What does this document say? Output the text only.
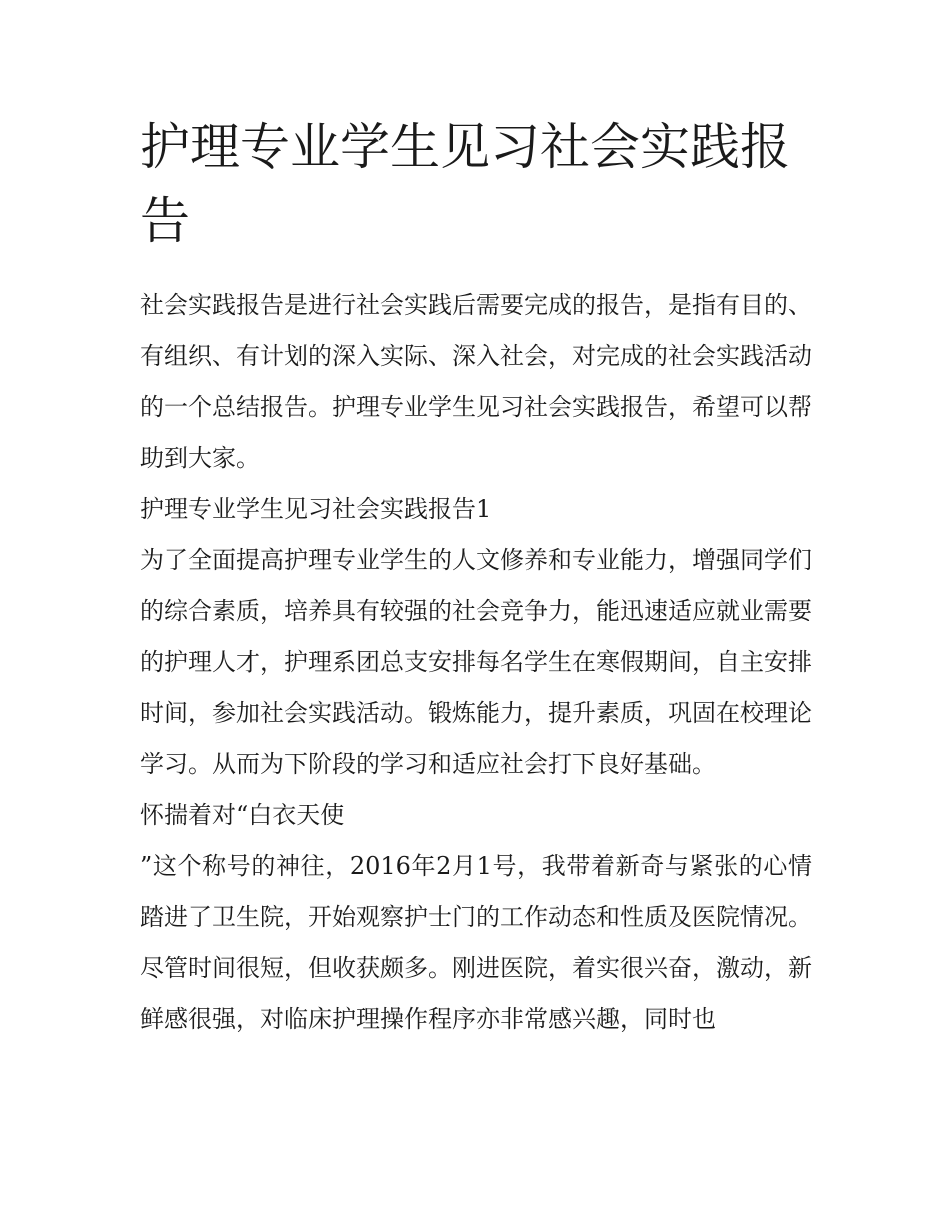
护理专业学生见习社会实践报告

社会实践报告是进行社会实践后需要完成的报告，是指有目的、有组织、有计划的深入实际、深入社会，对完成的社会实践活动的一个总结报告。护理专业学生见习社会实践报告，希望可以帮助到大家。

护理专业学生见习社会实践报告1

为了全面提高护理专业学生的人文修养和专业能力，增强同学们的综合素质，培养具有较强的社会竞争力，能迅速适应就业需要的护理人才，护理系团总支安排每名学生在寒假期间，自主安排时间，参加社会实践活动。锻炼能力，提升素质，巩固在校理论学习。从而为下阶段的学习和适应社会打下良好基础。

怀揣着对“白衣天使

”这个称号的神往，2016年2月1号，我带着新奇与紧张的心情踏进了卫生院，开始观察护士门的工作动态和性质及医院情况。尽管时间很短，但收获颇多。刚进医院，着实很兴奋，激动，新鲜感很强，对临床护理操作程序亦非常感兴趣，同时也
